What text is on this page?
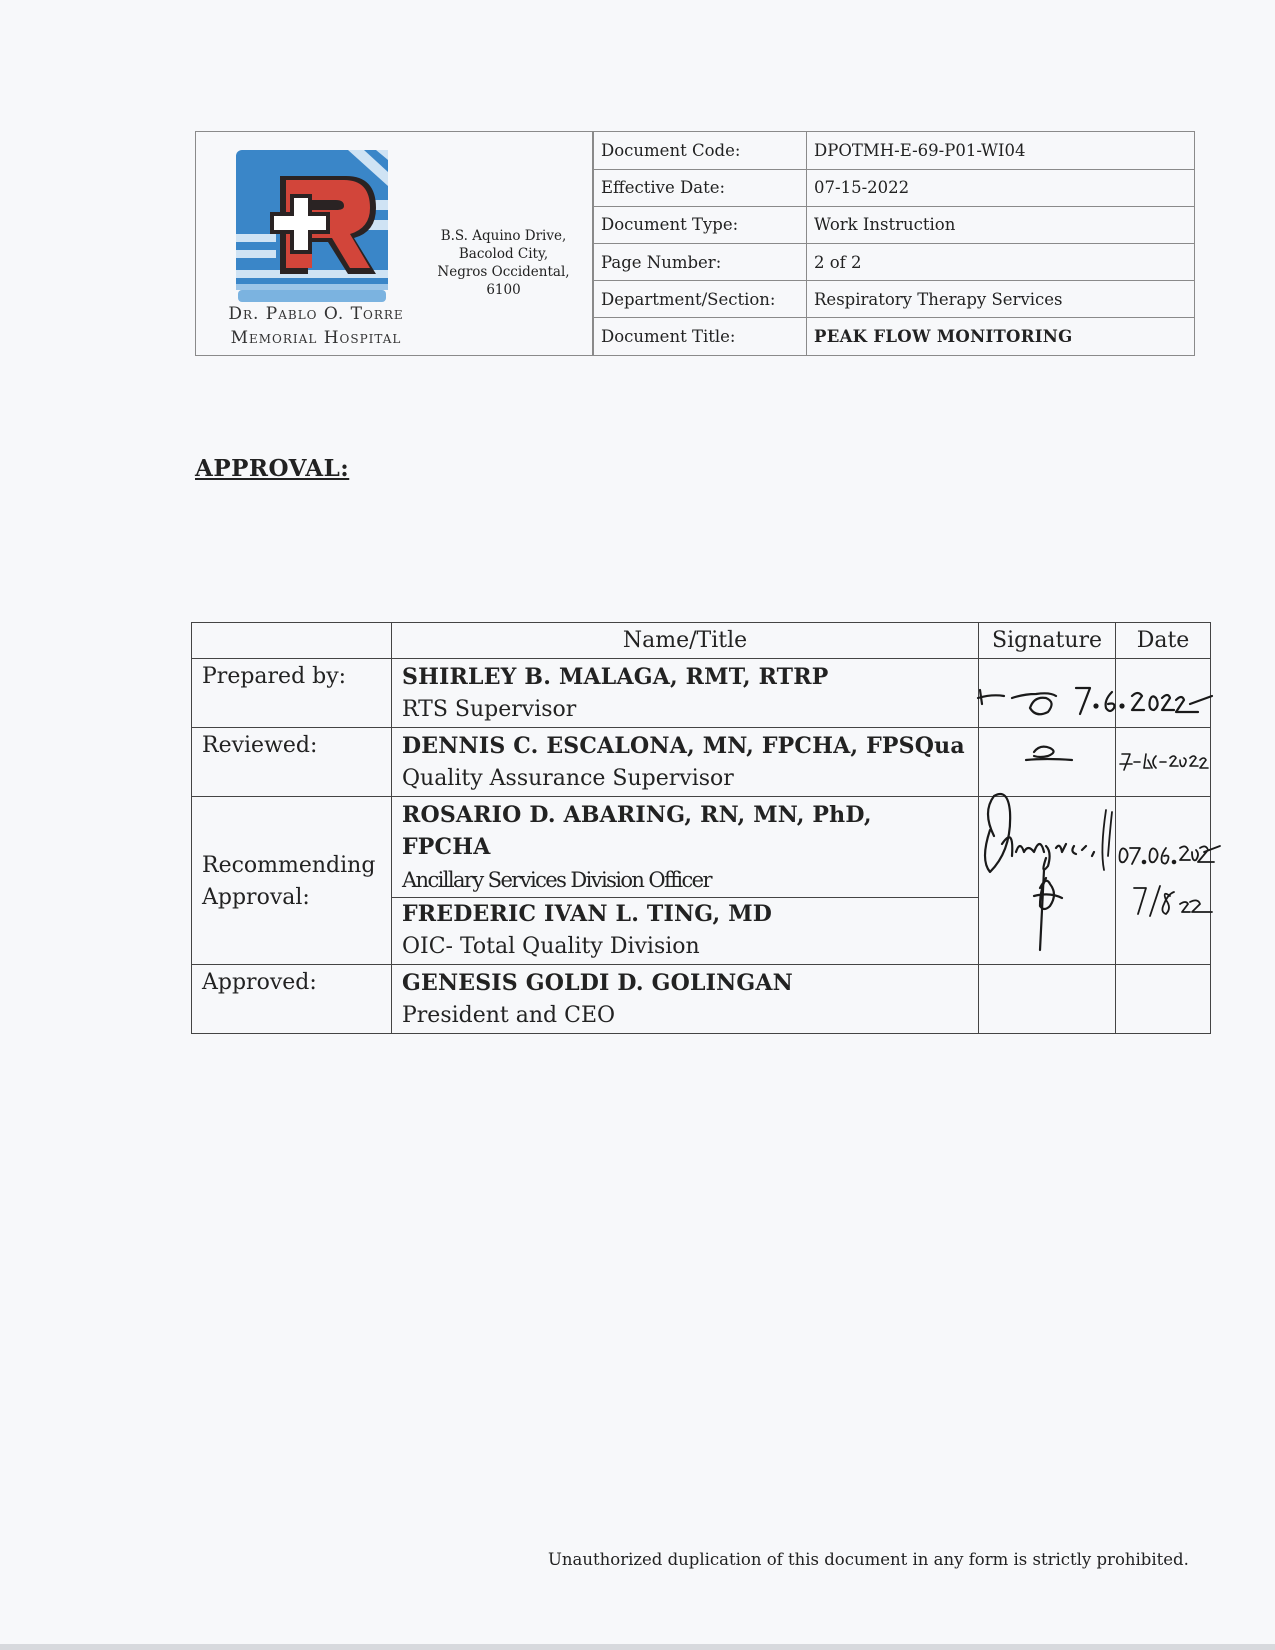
Dr. Pablo O. Torre
Memorial Hospital
B.S. Aquino Drive,
Bacolod City,
Negros Occidental,
6100
Document Code:	DPOTMH-E-69-P01-WI04
Effective Date:	07-15-2022
Document Type:	Work Instruction
Page Number:	2 of 2
Department/Section:	Respiratory Therapy Services
Document Title:	PEAK FLOW MONITORING
APPROVAL:
	Name/Title	Signature	Date
Prepared by:	SHIRLEY B. MALAGA, RMT, RTRP
RTS Supervisor		

Reviewed:	DENNIS C. ESCALONA, MN, FPCHA, FPSQua
Quality Assurance Supervisor		

Recommending
Approval:	ROSARIO D. ABARING, RN, MN, PhD, FPCHA
Ancillary Services Division Officer
FREDERIC IVAN L. TING, MD
OIC- Total Quality Division		

Approved:	GENESIS GOLDI D. GOLINGAN
President and CEO		

Unauthorized duplication of this document in any form is strictly prohibited.
